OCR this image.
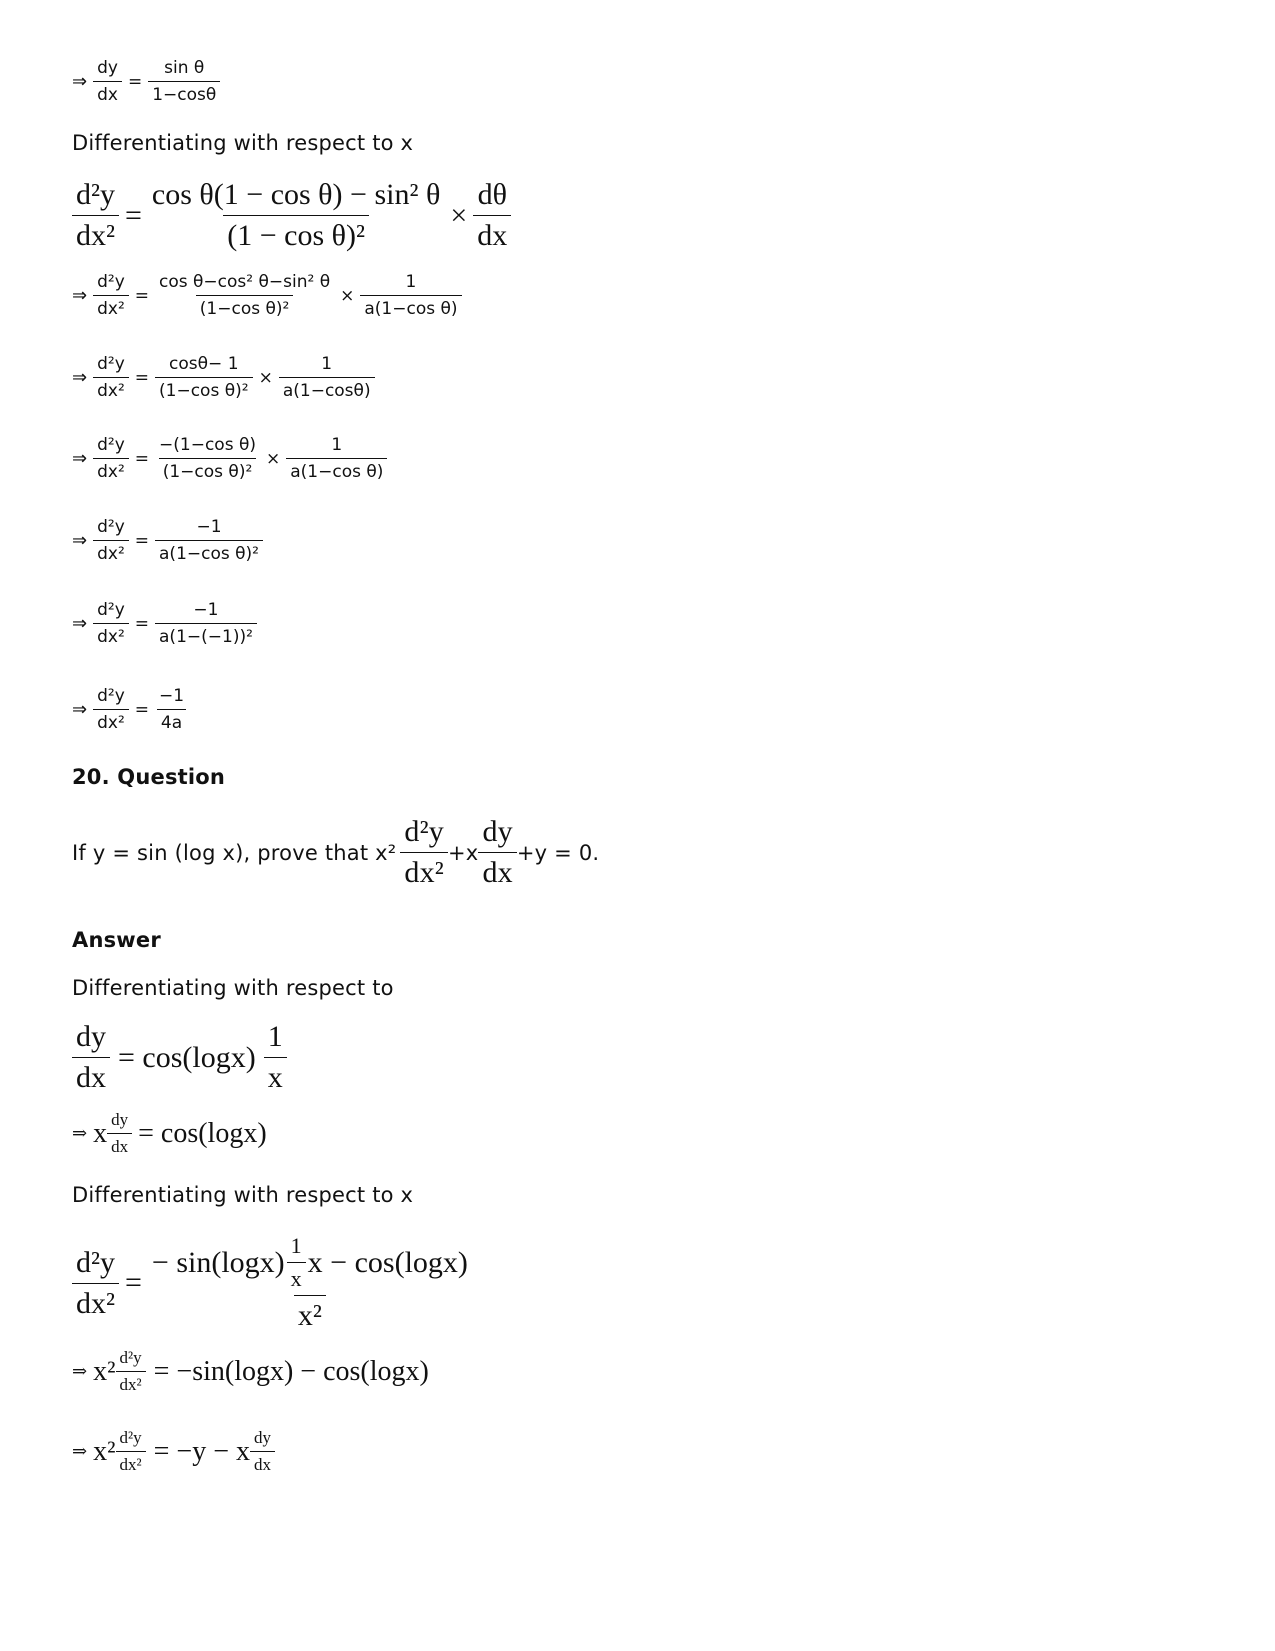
⇒ $\frac{dy}{dx} = \frac{\text{sin θ}}{1-\cos\theta}$
Differentiating with respect to x
$\frac{\text{d²y}}{\text{dx²}} = \frac{\text{cos θ(1 − cos θ) − sin² θ}}{\text{(1 − cos θ)²}} \times \frac{d\theta}{dx}$
⇒ $\frac{\text{d²y}}{\text{dx²}} = \frac{\text{cos θ−cos² θ−sin² θ}}{\text{(1−cos θ)²}} \times \frac{1}{\text{a(1−cos θ)}}$
⇒ $\frac{\text{d²y}}{\text{dx²}} = \frac{\cos\theta- 1}{\text{(1−cos θ)²}} \times \frac{1}{a(1-\cos\theta)}$
⇒ $\frac{\text{d²y}}{\text{dx²}} = \frac{\text{−(1−cos θ)}}{\text{(1−cos θ)²}} \times \frac{1}{\text{a(1−cos θ)}}$
⇒ $\frac{\text{d²y}}{\text{dx²}} = \frac{-1}{\text{a(1−cos θ)²}}$
⇒ $\frac{\text{d²y}}{\text{dx²}} = \frac{-1}{\text{a(1−(−1))²}}$
⇒ $\frac{\text{d²y}}{\text{dx²}} = \frac{-1}{4a}$
20. Question
If y = sin (log x), prove that x²
d²y
dx²
+x
dy
dx
+y = 0.
Answer
Differentiating with respect to
$\frac{dy}{dx} = \cos(\log x)$
1
x
⇒ x $\frac{dy}{dx} = \cos(\log x)$
Differentiating with respect to x
$\frac{\text{d²y}}{\text{dx²}}$ = − sin(logx) 1
x x − cos(logx)
x²
⇒ $x^2 \frac{\text{d²y}}{\text{dx²}} = -\sin(\log x) - \cos(\log x)$
⇒ $x^2 \frac{\text{d²y}}{\text{dx²}} = -y - x$ dy
dx
